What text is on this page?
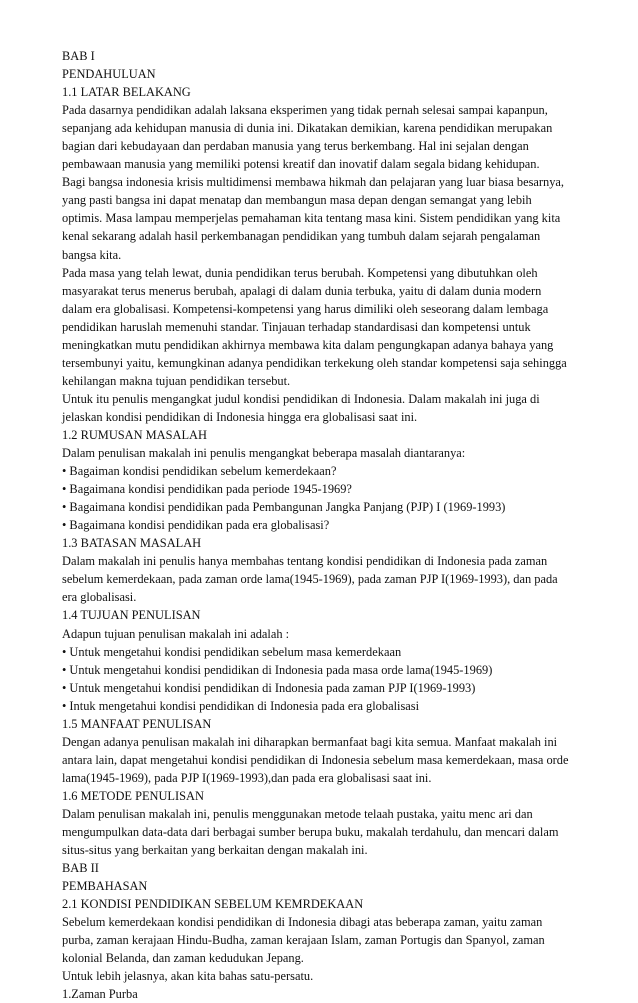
BAB I
PENDAHULUAN
1.1 LATAR BELAKANG
Pada dasarnya pendidikan adalah laksana eksperimen yang tidak pernah selesai sampai kapanpun,
sepanjang ada kehidupan manusia di dunia ini. Dikatakan demikian, karena pendidikan merupakan
bagian dari kebudayaan dan perdaban manusia yang terus berkembang. Hal ini sejalan dengan
pembawaan manusia yang memiliki potensi kreatif dan inovatif dalam segala bidang kehidupan.
Bagi bangsa indonesia krisis multidimensi membawa hikmah dan pelajaran yang luar biasa besarnya,
yang pasti bangsa ini dapat menatap dan membangun masa depan dengan semangat yang lebih
optimis. Masa lampau memperjelas pemahaman kita tentang masa kini. Sistem pendidikan yang kita
kenal sekarang adalah hasil perkembanagan pendidikan yang tumbuh dalam sejarah pengalaman
bangsa kita.
Pada masa yang telah lewat, dunia pendidikan terus berubah. Kompetensi yang dibutuhkan oleh
masyarakat terus menerus berubah, apalagi di dalam dunia terbuka, yaitu di dalam dunia modern
dalam era globalisasi. Kompetensi-kompetensi yang harus dimiliki oleh seseorang dalam lembaga
pendidikan haruslah memenuhi standar. Tinjauan terhadap standardisasi dan kompetensi untuk
meningkatkan mutu pendidikan akhirnya membawa kita dalam pengungkapan adanya bahaya yang
tersembunyi yaitu, kemungkinan adanya pendidikan terkekung oleh standar kompetensi saja sehingga
kehilangan makna tujuan pendidikan tersebut.
Untuk itu penulis mengangkat judul kondisi pendidikan di Indonesia. Dalam makalah ini juga di
jelaskan kondisi pendidikan di Indonesia hingga era globalisasi saat ini.
1.2 RUMUSAN MASALAH
Dalam penulisan makalah ini penulis mengangkat beberapa masalah diantaranya:
• Bagaiman kondisi pendidikan sebelum kemerdekaan?
• Bagaimana kondisi pendidikan pada periode 1945-1969?
• Bagaimana kondisi pendidikan pada Pembangunan Jangka Panjang (PJP) I (1969-1993)
• Bagaimana kondisi pendidikan pada era globalisasi?
1.3 BATASAN MASALAH
Dalam makalah ini penulis hanya membahas tentang kondisi pendidikan di Indonesia pada zaman
sebelum kemerdekaan, pada zaman orde lama(1945-1969), pada zaman PJP I(1969-1993), dan pada
era globalisasi.
1.4 TUJUAN PENULISAN
Adapun tujuan penulisan makalah ini adalah :
• Untuk mengetahui kondisi pendidikan sebelum masa kemerdekaan
• Untuk mengetahui kondisi pendidikan di Indonesia pada masa orde lama(1945-1969)
• Untuk mengetahui kondisi pendidikan di Indonesia pada zaman PJP I(1969-1993)
• Intuk mengetahui kondisi pendidikan di Indonesia pada era globalisasi
1.5 MANFAAT PENULISAN
Dengan adanya penulisan makalah ini diharapkan bermanfaat bagi kita semua. Manfaat makalah ini
antara lain, dapat mengetahui kondisi pendidikan di Indonesia sebelum masa kemerdekaan, masa orde
lama(1945-1969), pada PJP I(1969-1993),dan pada era globalisasi saat ini.
1.6 METODE PENULISAN
Dalam penulisan makalah ini, penulis menggunakan metode telaah pustaka, yaitu menc ari dan
mengumpulkan data-data dari berbagai sumber berupa buku, makalah terdahulu, dan mencari dalam
situs-situs yang berkaitan yang berkaitan dengan makalah ini.
BAB II
PEMBAHASAN
2.1 KONDISI PENDIDIKAN SEBELUM KEMRDEKAAN
Sebelum kemerdekaan kondisi pendidikan di Indonesia dibagi atas beberapa zaman, yaitu zaman
purba, zaman kerajaan Hindu-Budha, zaman kerajaan Islam, zaman Portugis dan Spanyol, zaman
kolonial Belanda, dan zaman kedudukan Jepang.
Untuk lebih jelasnya, akan kita bahas satu-persatu.
1.Zaman Purba
